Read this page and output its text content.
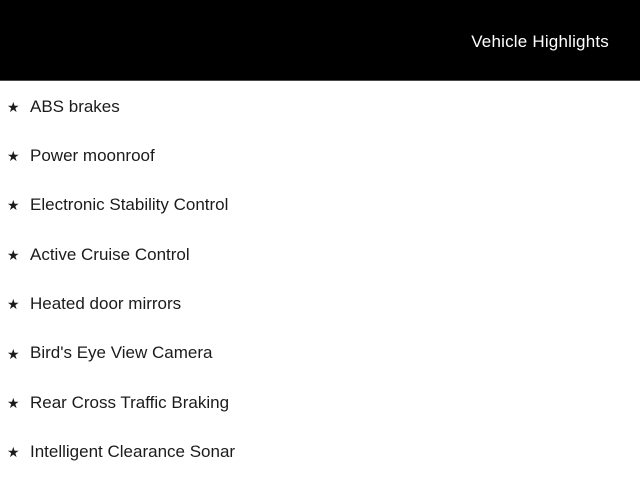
Vehicle Highlights
★ ABS brakes
★ Power moonroof
★ Electronic Stability Control
★ Active Cruise Control
★ Heated door mirrors
★ Bird's Eye View Camera
★ Rear Cross Traffic Braking
★ Intelligent Clearance Sonar
